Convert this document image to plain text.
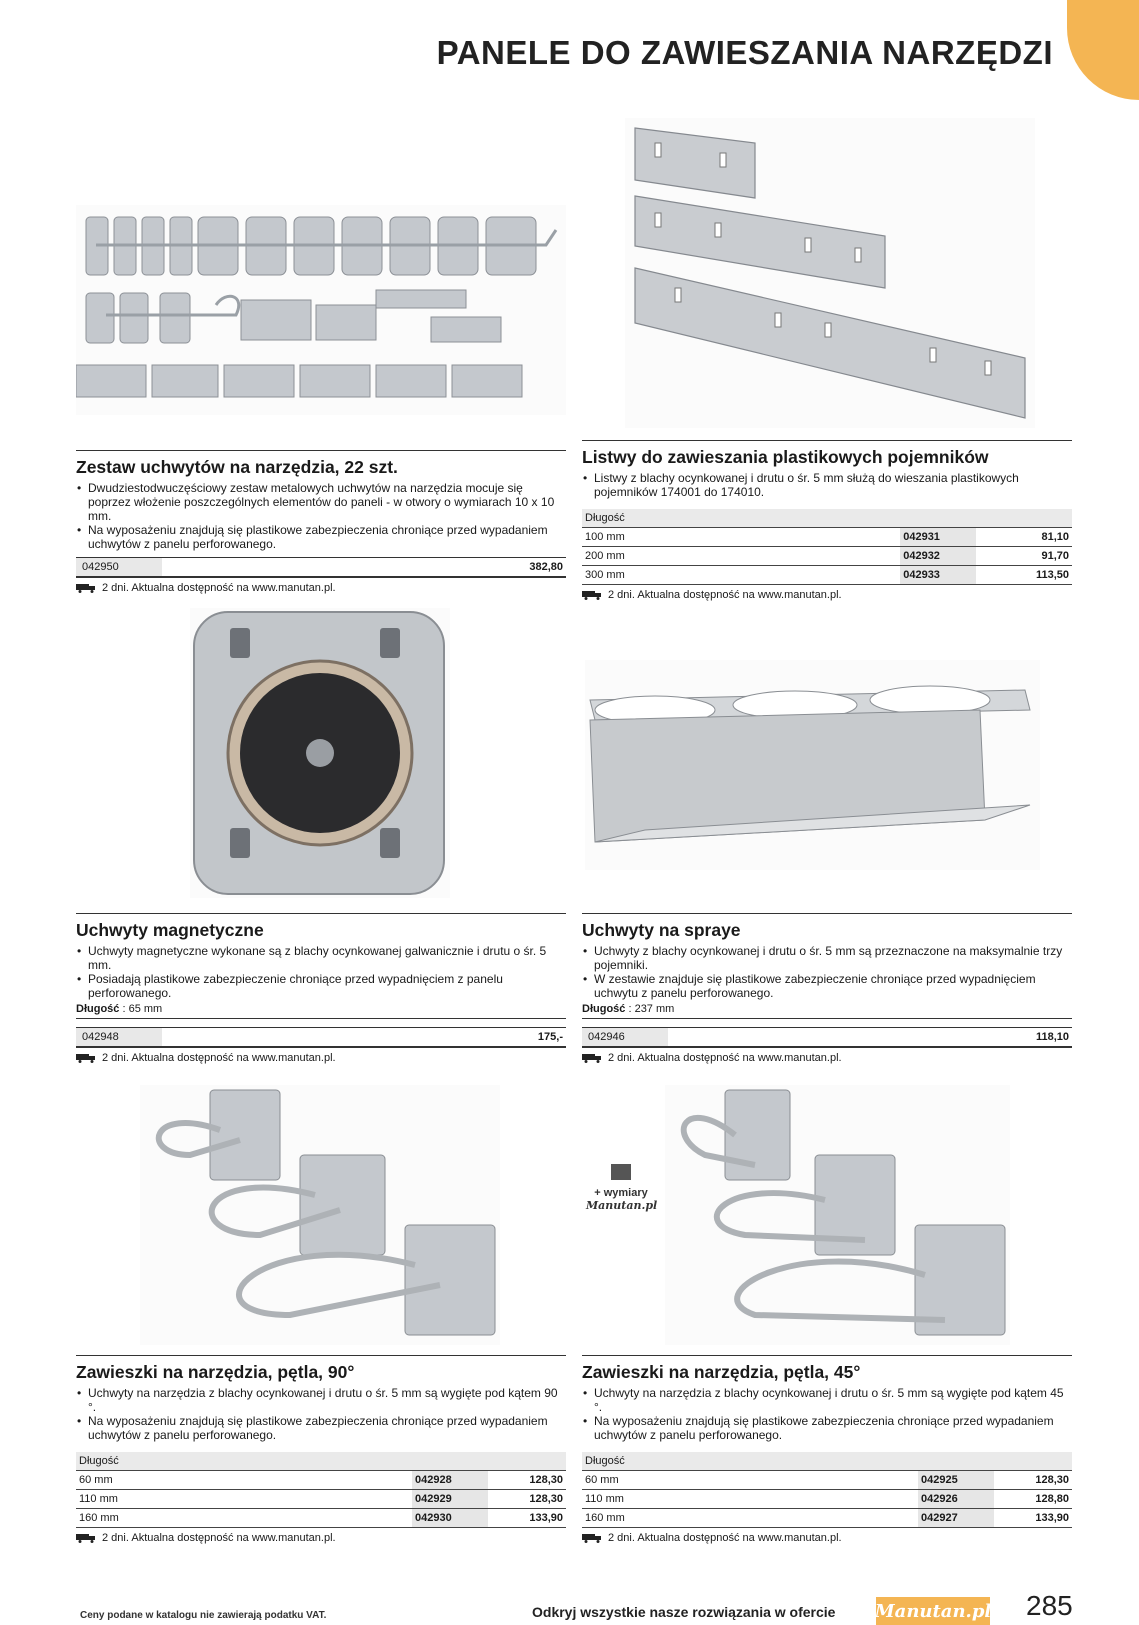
PANELE DO ZAWIESZANIA NARZĘDZI
Zestaw uchwytów na narzędzia, 22 szt.
• Dwudziestodwuczęściowy zestaw metalowych uchwytów na narzędzia mocuje się poprzez włożenie poszczególnych elementów do paneli - w otwory o wymiarach 10 x 10 mm.
• Na wyposażeniu znajdują się plastikowe zabezpieczenia chroniące przed wypadaniem uchwytów z panelu perforowanego.
042950	382,80
2 dni. Aktualna dostępność na www.manutan.pl.
Listwy do zawieszania plastikowych pojemników
• Listwy z blachy ocynkowanej i drutu o śr. 5 mm służą do wieszania plastikowych pojemników 174001 do 174010.
Długość			
100 mm		042931	81,10
200 mm		042932	91,70
300 mm		042933	113,50
2 dni. Aktualna dostępność na www.manutan.pl.
Uchwyty magnetyczne
• Uchwyty magnetyczne wykonane są z blachy ocynkowanej galwanicznie i drutu o śr. 5 mm.
• Posiadają plastikowe zabezpieczenie chroniące przed wypadnięciem z panelu perforowanego.
Długość : 65 mm
042948	175,-
2 dni. Aktualna dostępność na www.manutan.pl.
Uchwyty na spraye
• Uchwyty z blachy ocynkowanej i drutu o śr. 5 mm są przeznaczone na maksymalnie trzy pojemniki.
• W zestawie znajduje się plastikowe zabezpieczenie chroniące przed wypadnięciem uchwytu z panelu perforowanego.
Długość : 237 mm
042946	118,10
2 dni. Aktualna dostępność na www.manutan.pl.
+ wymiary
Manutan.pl
Zawieszki na narzędzia, pętla, 90°
• Uchwyty na narzędzia z blachy ocynkowanej i drutu o śr. 5 mm są wygięte pod kątem 90 °.
• Na wyposażeniu znajdują się plastikowe zabezpieczenia chroniące przed wypadaniem uchwytów z panelu perforowanego.
Długość			
60 mm		042928	128,30
110 mm		042929	128,30
160 mm		042930	133,90
2 dni. Aktualna dostępność na www.manutan.pl.
Zawieszki na narzędzia, pętla, 45°
• Uchwyty na narzędzia z blachy ocynkowanej i drutu o śr. 5 mm są wygięte pod kątem 45 °.
• Na wyposażeniu znajdują się plastikowe zabezpieczenia chroniące przed wypadaniem uchwytów z panelu perforowanego.
Długość			
60 mm		042925	128,30
110 mm		042926	128,80
160 mm		042927	133,90
2 dni. Aktualna dostępność na www.manutan.pl.
Ceny podane w katalogu nie zawierają podatku VAT.	Odkryj wszystkie nasze rozwiązania w ofercie Manutan.pl 285
